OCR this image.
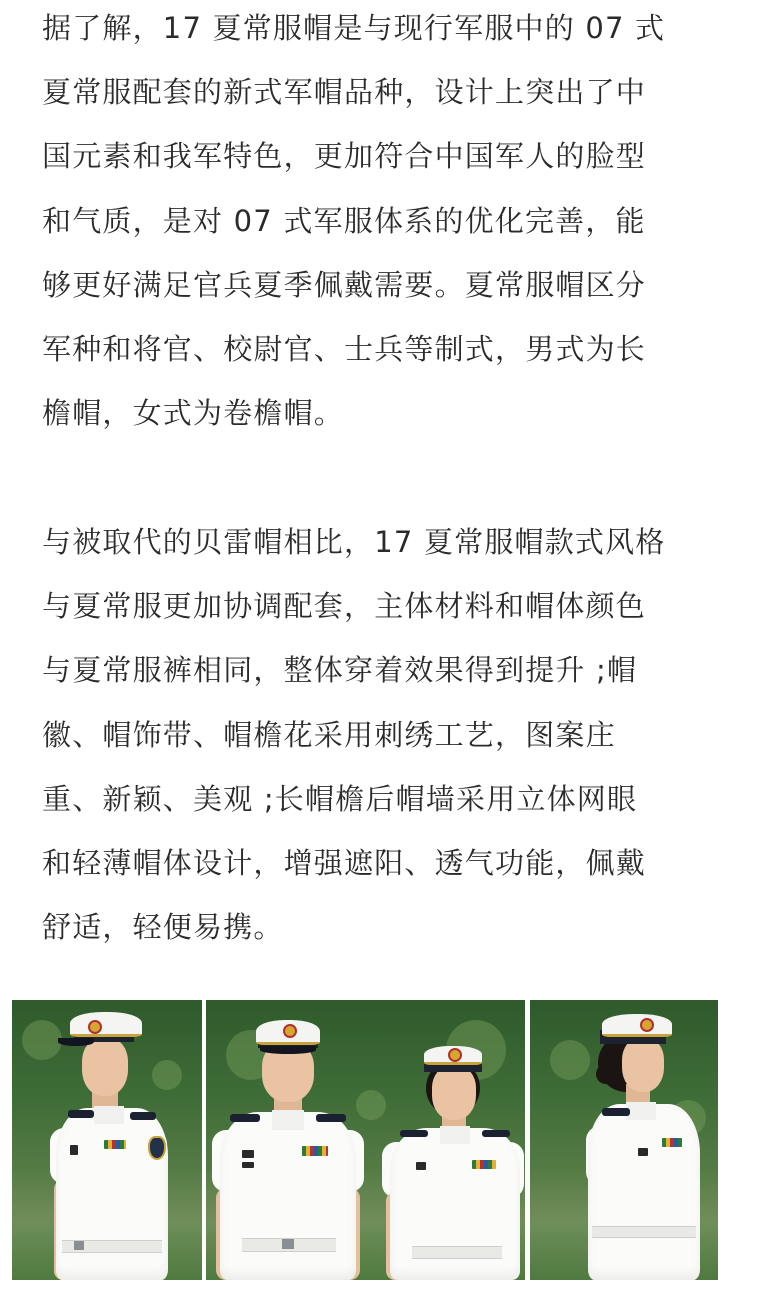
据了解，17 夏常服帽是与现行军服中的 07 式
夏常服配套的新式军帽品种，设计上突出了中
国元素和我军特色，更加符合中国军人的脸型
和气质，是对 07 式军服体系的优化完善，能
够更好满足官兵夏季佩戴需要。夏常服帽区分
军种和将官、校尉官、士兵等制式，男式为长
檐帽，女式为卷檐帽。

与被取代的贝雷帽相比，17 夏常服帽款式风格
与夏常服更加协调配套，主体材料和帽体颜色
与夏常服裤相同，整体穿着效果得到提升 ;帽
徽、帽饰带、帽檐花采用刺绣工艺，图案庄
重、新颖、美观 ;长帽檐后帽墙采用立体网眼
和轻薄帽体设计，增强遮阳、透气功能，佩戴
舒适，轻便易携。
